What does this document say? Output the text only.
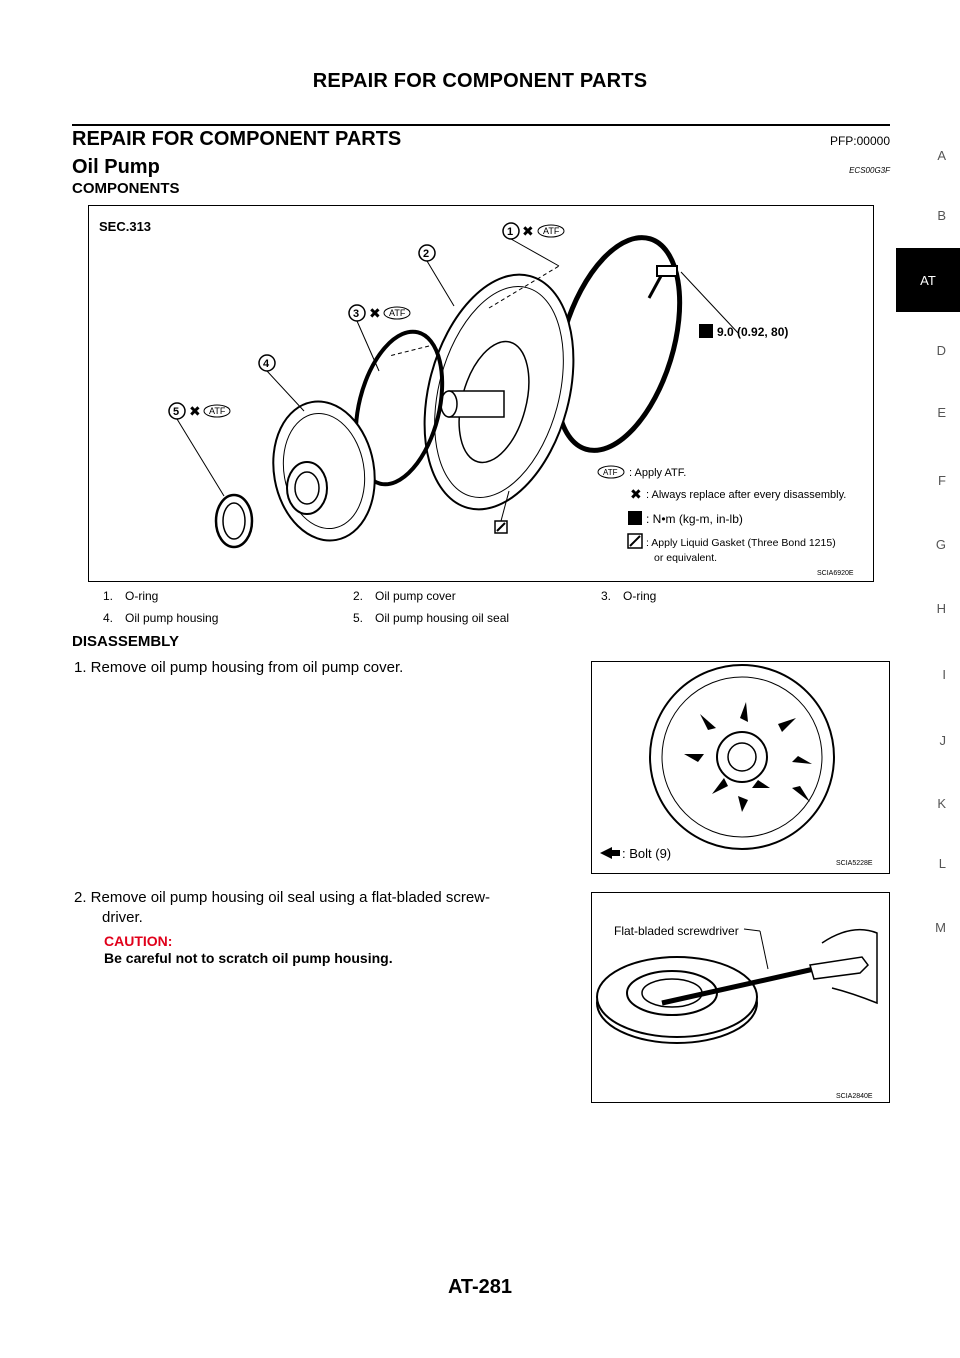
REPAIR FOR COMPONENT PARTS
REPAIR FOR COMPONENT PARTS	PFP:00000
Oil Pump	ECS00G3F
COMPONENTS
SEC.313
9.0 (0.92, 80)
1 ✖ ATF
2
3 ✖ ATF
4
5 ✖ ATF
ATF : Apply ATF.
✖ : Always replace after every disassembly.
: N•m (kg-m, in-lb)
: Apply Liquid Gasket (Three Bond 1215)
or equivalent.
SCIA6920E
1.	O-ring	2.	Oil pump cover	3.	O-ring
4.	Oil pump housing	5.	Oil pump housing oil seal		
DISASSEMBLY
1. Remove oil pump housing from oil pump cover.
: Bolt (9)
SCIA5228E
2. Remove oil pump housing oil seal using a flat-bladed screw-
driver.
CAUTION:
Be careful not to scratch oil pump housing.
Flat-bladed screwdriver
SCIA2840E
A
B
AT
D
E
F
G
H
I
J
K
L
M
AT-281
